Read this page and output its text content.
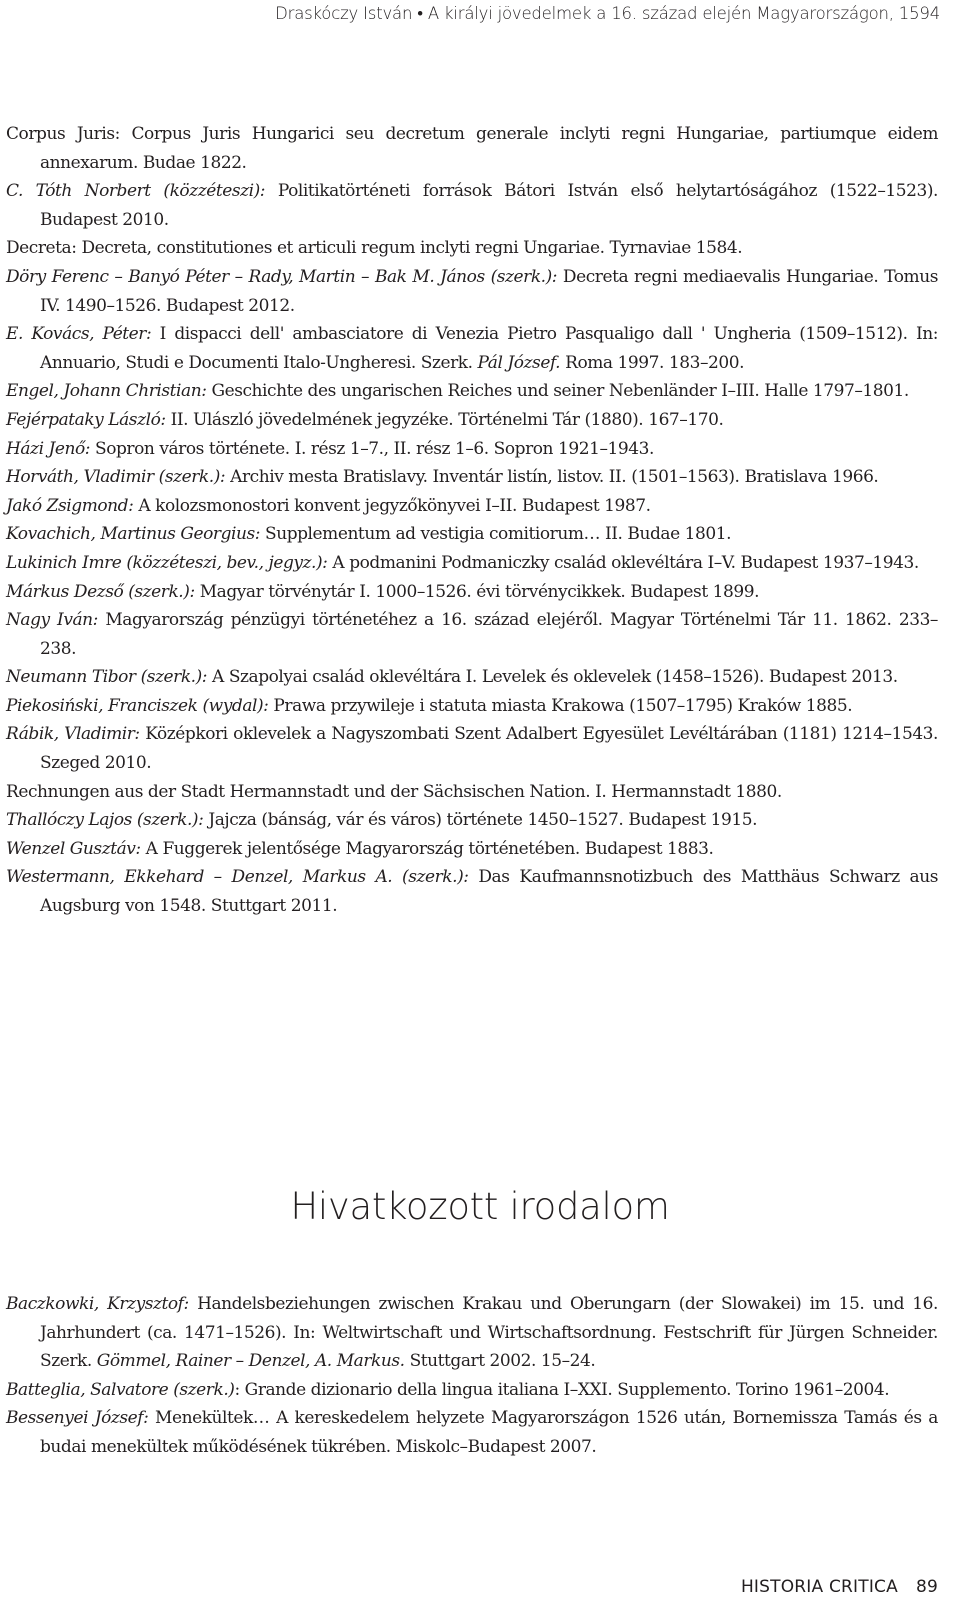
Draskóczy István • A királyi jövedelmek a 16. század elején Magyarországon, 1594

Corpus Juris: Corpus Juris Hungarici seu decretum generale inclyti regni Hungariae, partiumque eidem annexarum. Budae 1822.

C. Tóth Norbert (közzéteszi): Politikatörténeti források Bátori István első helytartóságához (1522–1523). Budapest 2010.

Decreta: Decreta, constitutiones et articuli regum inclyti regni Ungariae. Tyrnaviae 1584.

Döry Ferenc – Banyó Péter – Rady, Martin – Bak M. János (szerk.): Decreta regni mediaevalis Hungariae. Tomus IV. 1490–1526. Budapest 2012.

E. Kovács, Péter: I dispacci dell' ambasciatore di Venezia Pietro Pasqualigo dall ' Ungheria (1509–1512). In: Annuario, Studi e Documenti Italo-Ungheresi. Szerk. Pál József. Roma 1997. 183–200.

Engel, Johann Christian: Geschichte des ungarischen Reiches und seiner Nebenländer I–III. Halle 1797–1801.

Fejérpataky László: II. Ulászló jövedelmének jegyzéke. Történelmi Tár (1880). 167–170.

Házi Jenő: Sopron város története. I. rész 1–7., II. rész 1–6. Sopron 1921–1943.

Horváth, Vladimir (szerk.): Archiv mesta Bratislavy. Inventár listín, listov. II. (1501–1563). Bratislava 1966.

Jakó Zsigmond: A kolozsmonostori konvent jegyzőkönyvei I–II. Budapest 1987.

Kovachich, Martinus Georgius: Supplementum ad vestigia comitiorum… II. Budae 1801.

Lukinich Imre (közzéteszi, bev., jegyz.): A podmanini Podmaniczky család oklevéltára I–V. Budapest 1937–1943.

Márkus Dezső (szerk.): Magyar törvénytár I. 1000–1526. évi törvénycikkek. Budapest 1899.

Nagy Iván: Magyarország pénzügyi történetéhez a 16. század elejéről. Magyar Történelmi Tár 11. 1862. 233–238.

Neumann Tibor (szerk.): A Szapolyai család oklevéltára I. Levelek és oklevelek (1458–1526). Budapest 2013.

Piekosiński, Franciszek (wydal): Prawa przywileje i statuta miasta Krakowa (1507–1795) Kraków 1885.

Rábik, Vladimir: Középkori oklevelek a Nagyszombati Szent Adalbert Egyesület Levéltárában (1181) 1214–1543. Szeged 2010.

Rechnungen aus der Stadt Hermannstadt und der Sächsischen Nation. I. Hermannstadt 1880.

Thallóczy Lajos (szerk.): Jajcza (bánság, vár és város) története 1450–1527. Budapest 1915.

Wenzel Gusztáv: A Fuggerek jelentősége Magyarország történetében. Budapest 1883.

Westermann, Ekkehard – Denzel, Markus A. (szerk.): Das Kaufmannsnotizbuch des Matthäus Schwarz aus Augsburg von 1548. Stuttgart 2011.

Hivatkozott irodalom

Baczkowki, Krzysztof: Handelsbeziehungen zwischen Krakau und Oberungarn (der Slowakei) im 15. und 16. Jahrhundert (ca. 1471–1526). In: Weltwirtschaft und Wirtschaftsordnung. Festschrift für Jürgen Schneider. Szerk. Gömmel, Rainer – Denzel, A. Markus. Stuttgart 2002. 15–24.

Batteglia, Salvatore (szerk.): Grande dizionario della lingua italiana I–XXI. Supplemento. Torino 1961–2004.

Bessenyei József: Menekültek… A kereskedelem helyzete Magyarországon 1526 után, Bornemissza Tamás és a budai menekültek működésének tükrében. Miskolc–Budapest 2007.

HISTORIA CRITICA 89
